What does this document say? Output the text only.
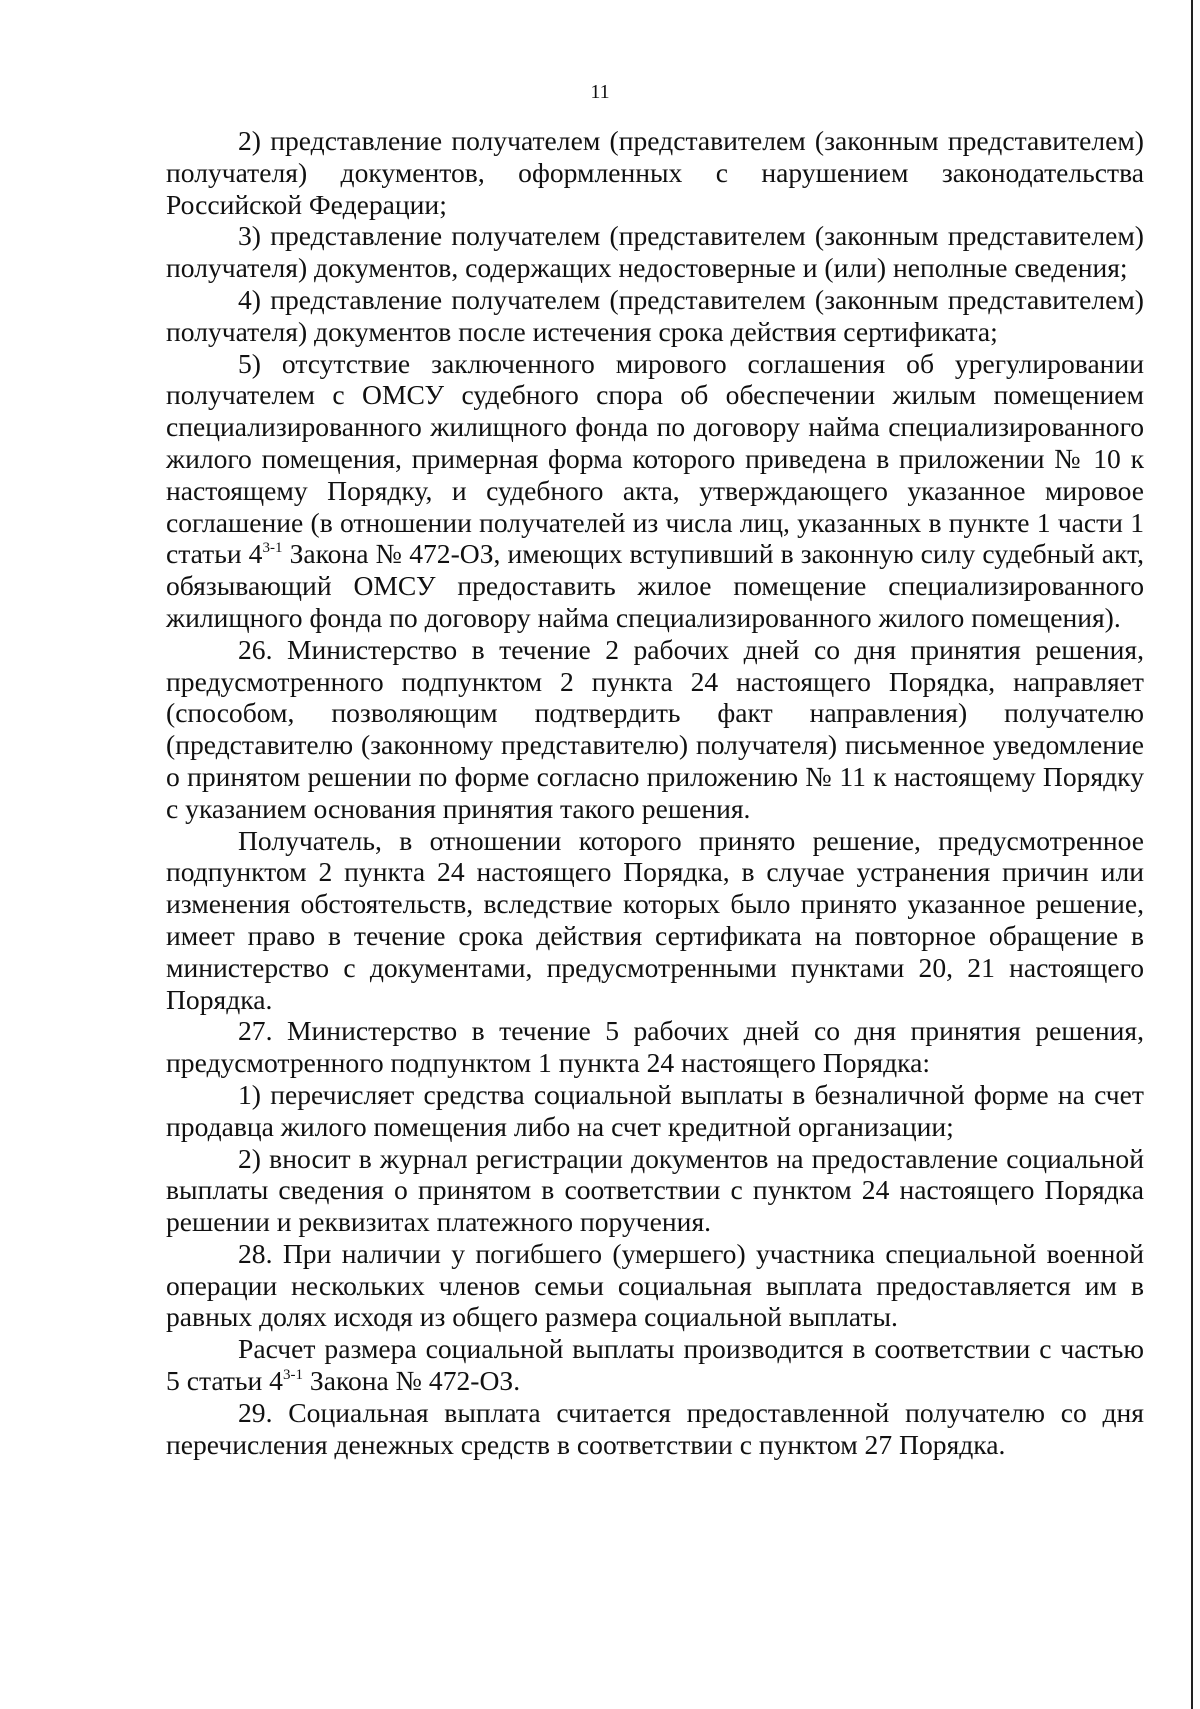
11

2) представление получателем (представителем (законным представителем) получателя) документов, оформленных с нарушением законодательства Российской Федерации;

3) представление получателем (представителем (законным представителем) получателя) документов, содержащих недостоверные и (или) неполные сведения;

4) представление получателем (представителем (законным представителем) получателя) документов после истечения срока действия сертификата;

5) отсутствие заключенного мирового соглашения об урегулировании получателем с ОМСУ судебного спора об обеспечении жилым помещением специализированного жилищного фонда по договору найма специализированного жилого помещения, примерная форма которого приведена в приложении № 10 к настоящему Порядку, и судебного акта, утверждающего указанное мировое соглашение (в отношении получателей из числа лиц, указанных в пункте 1 части 1 статьи 4$^{3-1}$ Закона № 472-ОЗ, имеющих вступивший в законную силу судебный акт, обязывающий ОМСУ предоставить жилое помещение специализированного жилищного фонда по договору найма специализированного жилого помещения).

26. Министерство в течение 2 рабочих дней со дня принятия решения, предусмотренного подпунктом 2 пункта 24 настоящего Порядка, направляет (способом, позволяющим подтвердить факт направления) получателю (представителю (законному представителю) получателя) письменное уведомление о принятом решении по форме согласно приложению № 11 к настоящему Порядку с указанием основания принятия такого решения.

Получатель, в отношении которого принято решение, предусмотренное подпунктом 2 пункта 24 настоящего Порядка, в случае устранения причин или изменения обстоятельств, вследствие которых было принято указанное решение, имеет право в течение срока действия сертификата на повторное обращение в министерство с документами, предусмотренными пунктами 20, 21 настоящего Порядка.

27. Министерство в течение 5 рабочих дней со дня принятия решения, предусмотренного подпунктом 1 пункта 24 настоящего Порядка:

1) перечисляет средства социальной выплаты в безналичной форме на счет продавца жилого помещения либо на счет кредитной организации;

2) вносит в журнал регистрации документов на предоставление социальной выплаты сведения о принятом в соответствии с пунктом 24 настоящего Порядка решении и реквизитах платежного поручения.

28. При наличии у погибшего (умершего) участника специальной военной операции нескольких членов семьи социальная выплата предоставляется им в равных долях исходя из общего размера социальной выплаты.

Расчет размера социальной выплаты производится в соответствии с частью 5 статьи 4$^{3-1}$ Закона № 472-ОЗ.

29. Социальная выплата считается предоставленной получателю со дня перечисления денежных средств в соответствии с пунктом 27 Порядка.
